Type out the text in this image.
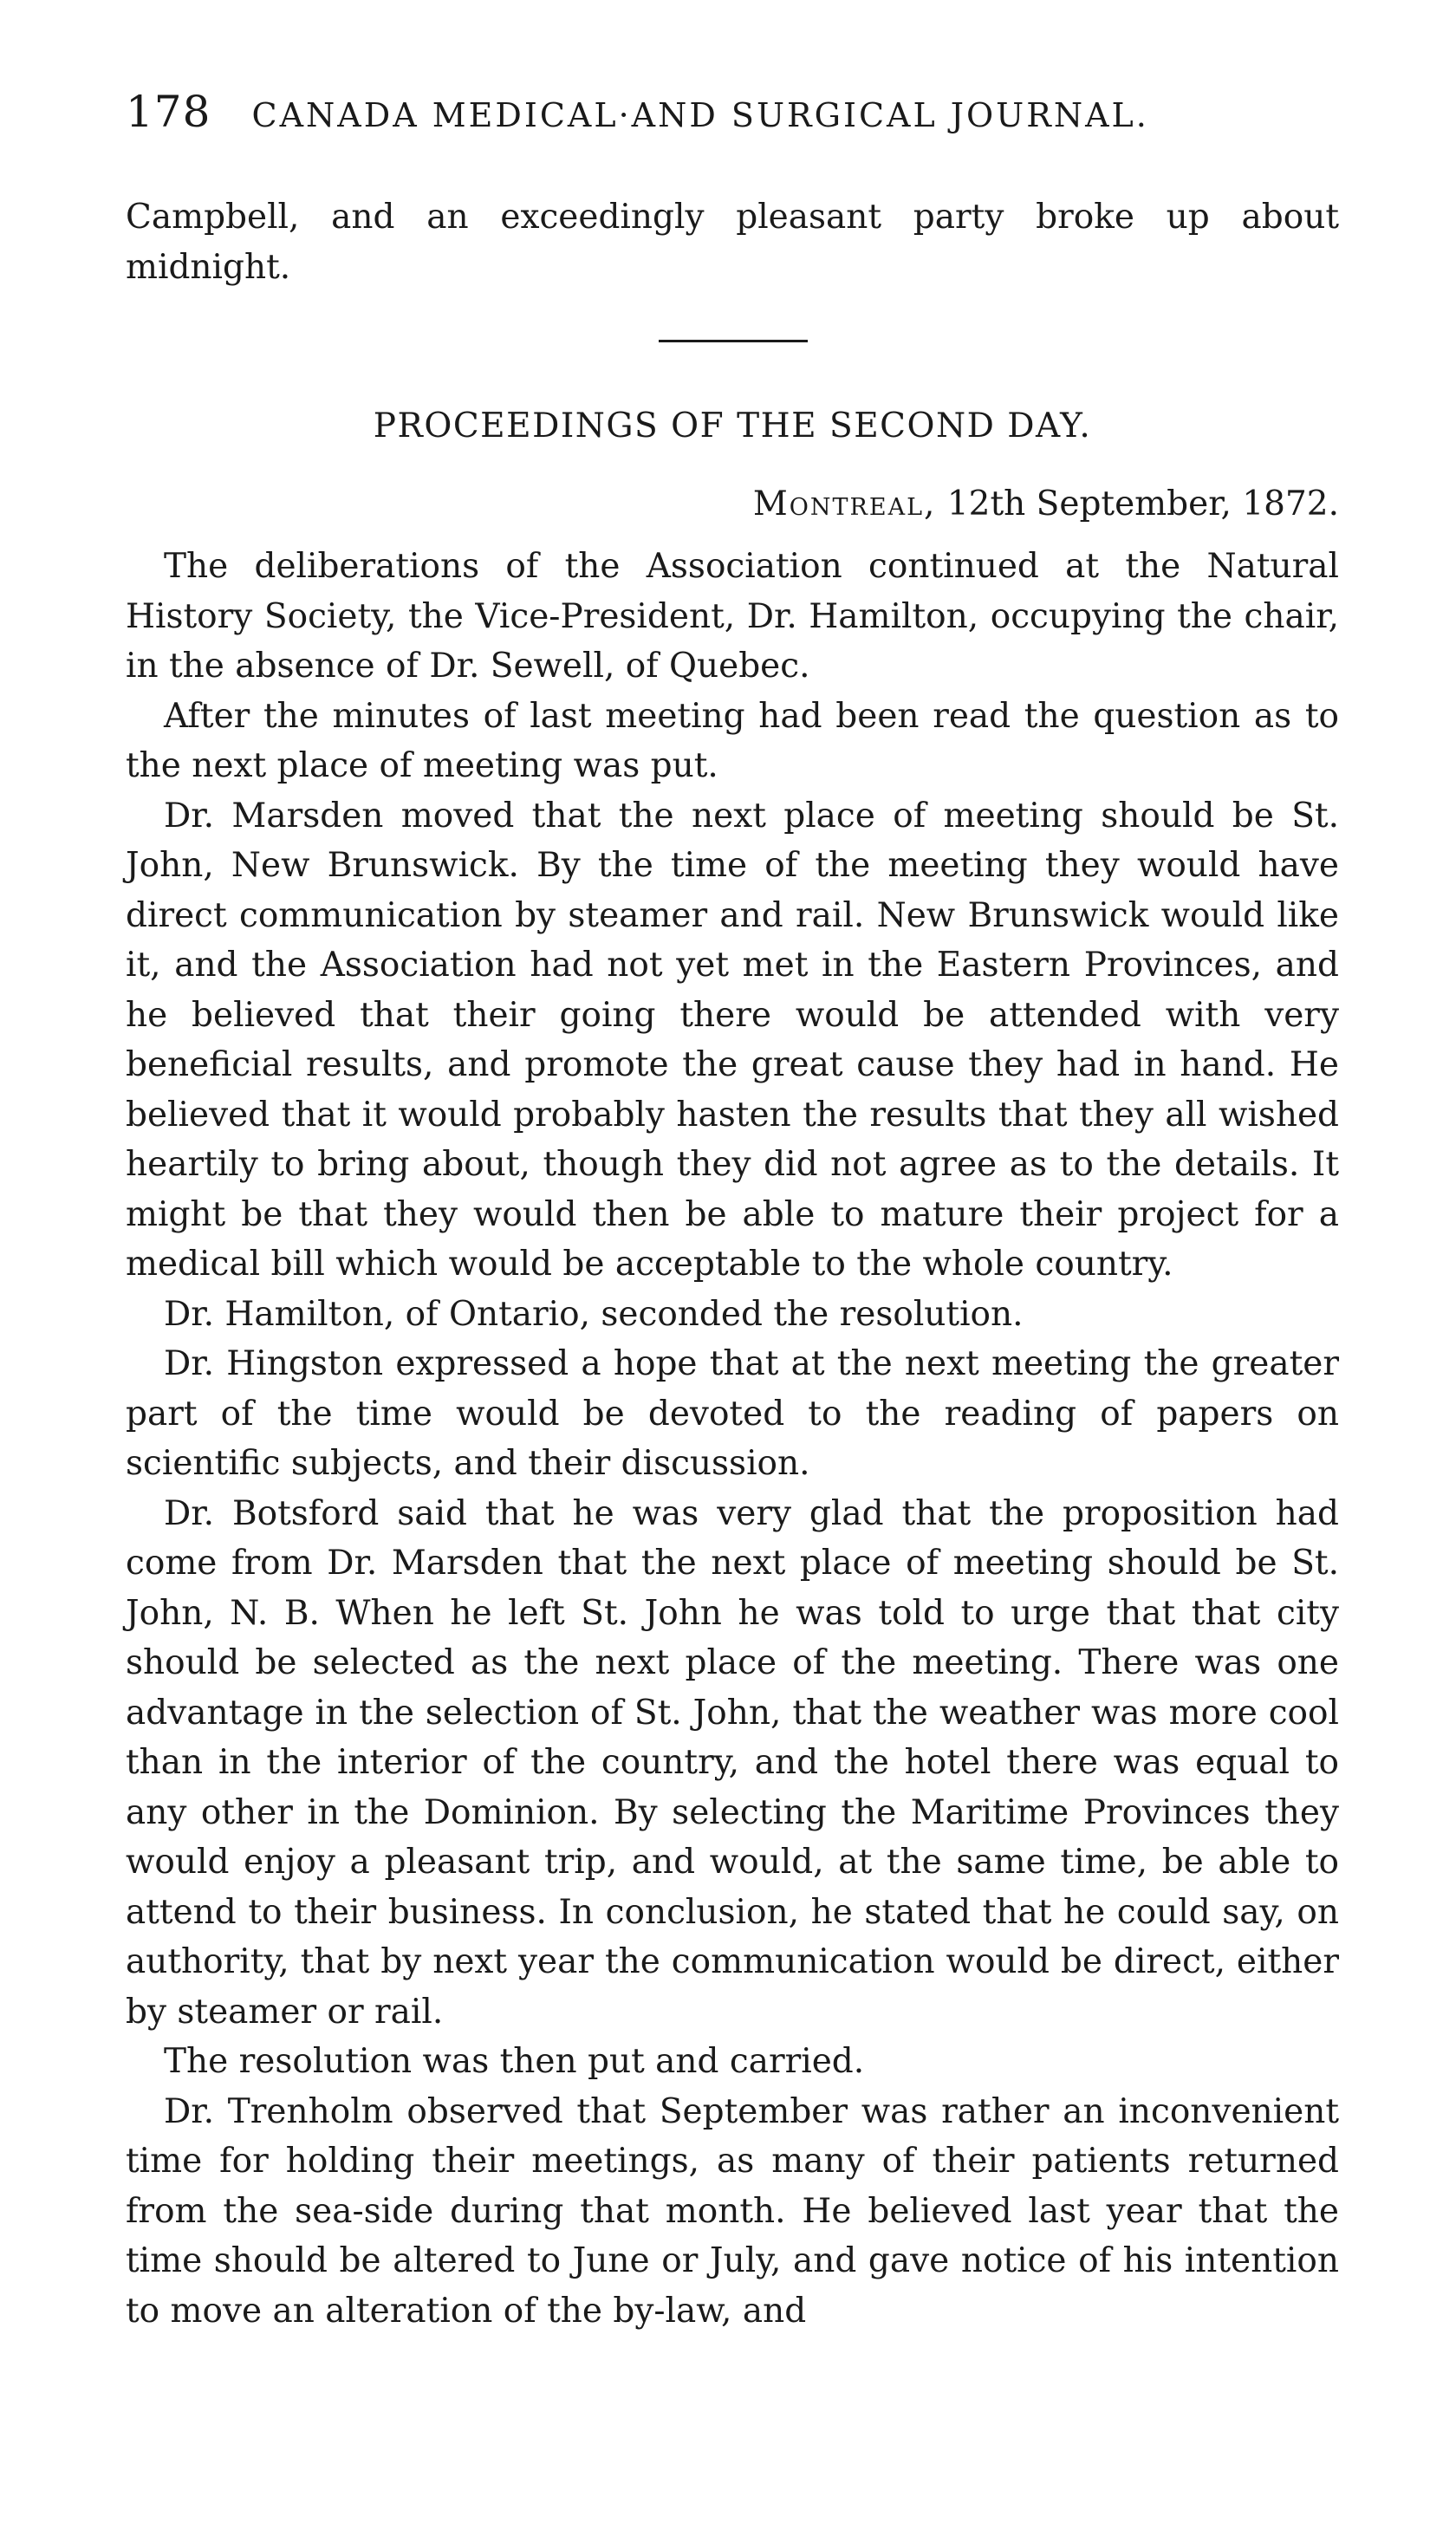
178 CANADA MEDICAL·AND SURGICAL JOURNAL.
Campbell, and an exceedingly pleasant party broke up about midnight.
PROCEEDINGS OF THE SECOND DAY.
Montreal, 12th September, 1872.

The deliberations of the Association continued at the Natural History Society, the Vice-President, Dr. Hamilton, occupying the chair, in the absence of Dr. Sewell, of Quebec.

After the minutes of last meeting had been read the question as to the next place of meeting was put.

Dr. Marsden moved that the next place of meeting should be St. John, New Brunswick. By the time of the meeting they would have direct communication by steamer and rail. New Brunswick would like it, and the Association had not yet met in the Eastern Provinces, and he believed that their going there would be attended with very beneficial results, and promote the great cause they had in hand. He believed that it would probably hasten the results that they all wished heartily to bring about, though they did not agree as to the details. It might be that they would then be able to mature their project for a medical bill which would be acceptable to the whole country.

Dr. Hamilton, of Ontario, seconded the resolution.

Dr. Hingston expressed a hope that at the next meeting the greater part of the time would be devoted to the reading of papers on scientific subjects, and their discussion.

Dr. Botsford said that he was very glad that the proposition had come from Dr. Marsden that the next place of meeting should be St. John, N. B. When he left St. John he was told to urge that that city should be selected as the next place of the meeting. There was one advantage in the selection of St. John, that the weather was more cool than in the interior of the country, and the hotel there was equal to any other in the Dominion. By selecting the Maritime Provinces they would enjoy a pleasant trip, and would, at the same time, be able to attend to their business. In conclusion, he stated that he could say, on authority, that by next year the communication would be direct, either by steamer or rail.

The resolution was then put and carried.

Dr. Trenholm observed that September was rather an inconvenient time for holding their meetings, as many of their patients returned from the sea-side during that month. He believed last year that the time should be altered to June or July, and gave notice of his intention to move an alteration of the by-law, and
